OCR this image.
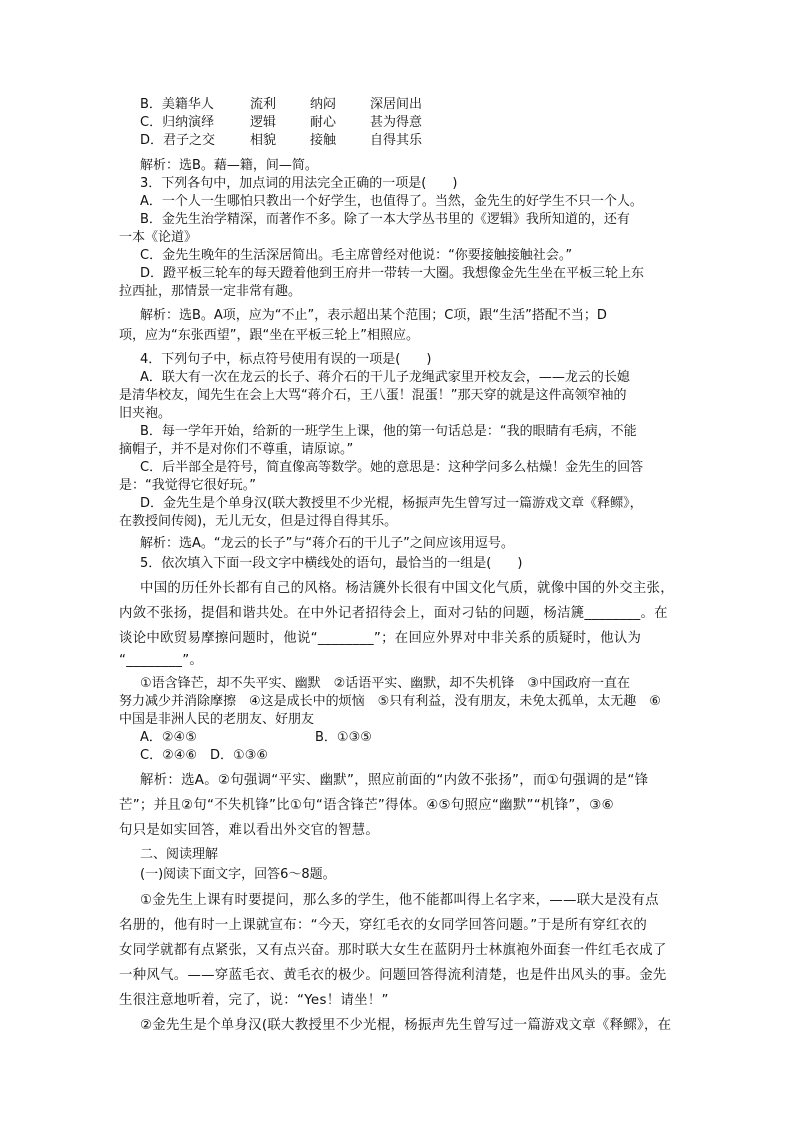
B．美籍华人	流利	纳闷	深居间出
C．归纳演绎	逻辑	耐心	甚为得意
D．君子之交	相貌	接触	自得其乐
解析：选B。藉—籍，间—简。
3．下列各句中，加点词的用法完全正确的一项是(　　)
A．一个人一生哪怕只教出一个好学生，也值得了。当然，金先生的好学生不只一个人。
B．金先生治学精深，而著作不多。除了一本大学丛书里的《逻辑》我所知道的，还有
一本《论道》
C．金先生晚年的生活深居简出。毛主席曾经对他说：“你要接触接触社会。”
D．蹬平板三轮车的每天蹬着他到王府井一带转一大圈。我想像金先生坐在平板三轮上东
拉西扯，那情景一定非常有趣。
解析：选B。A项，应为“不止”，表示超出某个范围；C项，跟“生活”搭配不当；D
项，应为“东张西望”，跟“坐在平板三轮上”相照应。
4．下列句子中，标点符号使用有误的一项是(　　)
A．联大有一次在龙云的长子、蒋介石的干儿子龙绳武家里开校友会，——龙云的长媳
是清华校友，闻先生在会上大骂“蒋介石，王八蛋！混蛋！”那天穿的就是这件高领窄袖的
旧夹袍。
B．每一学年开始，给新的一班学生上课，他的第一句话总是：“我的眼睛有毛病，不能
摘帽子，并不是对你们不尊重，请原谅。”
C．后半部全是符号，简直像高等数学。她的意思是：这种学问多么枯燥！金先生的回答
是：“我觉得它很好玩。”
D．金先生是个单身汉(联大教授里不少光棍，杨振声先生曾写过一篇游戏文章《释鳏》，
在教授间传阅)，无儿无女，但是过得自得其乐。
解析：选A。“龙云的长子”与“蒋介石的干儿子”之间应该用逗号。
5．依次填入下面一段文字中横线处的语句，最恰当的一组是(　　)
中国的历任外长都有自己的风格。杨洁篪外长很有中国文化气质，就像中国的外交主张，
内敛不张扬，提倡和谐共处。在中外记者招待会上，面对刁钻的问题，杨洁篪________。在
谈论中欧贸易摩擦问题时，他说“________”；在回应外界对中非关系的质疑时，他认为
“________”。
①语含锋芒，却不失平实、幽默　②话语平实、幽默，却不失机锋　③中国政府一直在
努力减少并消除摩擦　④这是成长中的烦恼　⑤只有利益，没有朋友，未免太孤单，太无趣　⑥
中国是非洲人民的老朋友、好朋友
A．②④⑤	B．①③⑤
C．②④⑥　D．①③⑥
解析：选A。②句强调“平实、幽默”，照应前面的“内敛不张扬”，而①句强调的是“锋
芒”；并且②句“不失机锋”比①句“语含锋芒”得体。④⑤句照应“幽默”“机锋”，③⑥
句只是如实回答，难以看出外交官的智慧。
二、阅读理解
(一)阅读下面文字，回答6～8题。
①金先生上课有时要提问，那么多的学生，他不能都叫得上名字来，——联大是没有点
名册的，他有时一上课就宣布：“今天，穿红毛衣的女同学回答问题。”于是所有穿红衣的
女同学就都有点紧张，又有点兴奋。那时联大女生在蓝阴丹士林旗袍外面套一件红毛衣成了
一种风气。——穿蓝毛衣、黄毛衣的极少。问题回答得流利清楚，也是件出风头的事。金先
生很注意地听着，完了，说：“Yes！请坐！”
②金先生是个单身汉(联大教授里不少光棍，杨振声先生曾写过一篇游戏文章《释鳏》，在
